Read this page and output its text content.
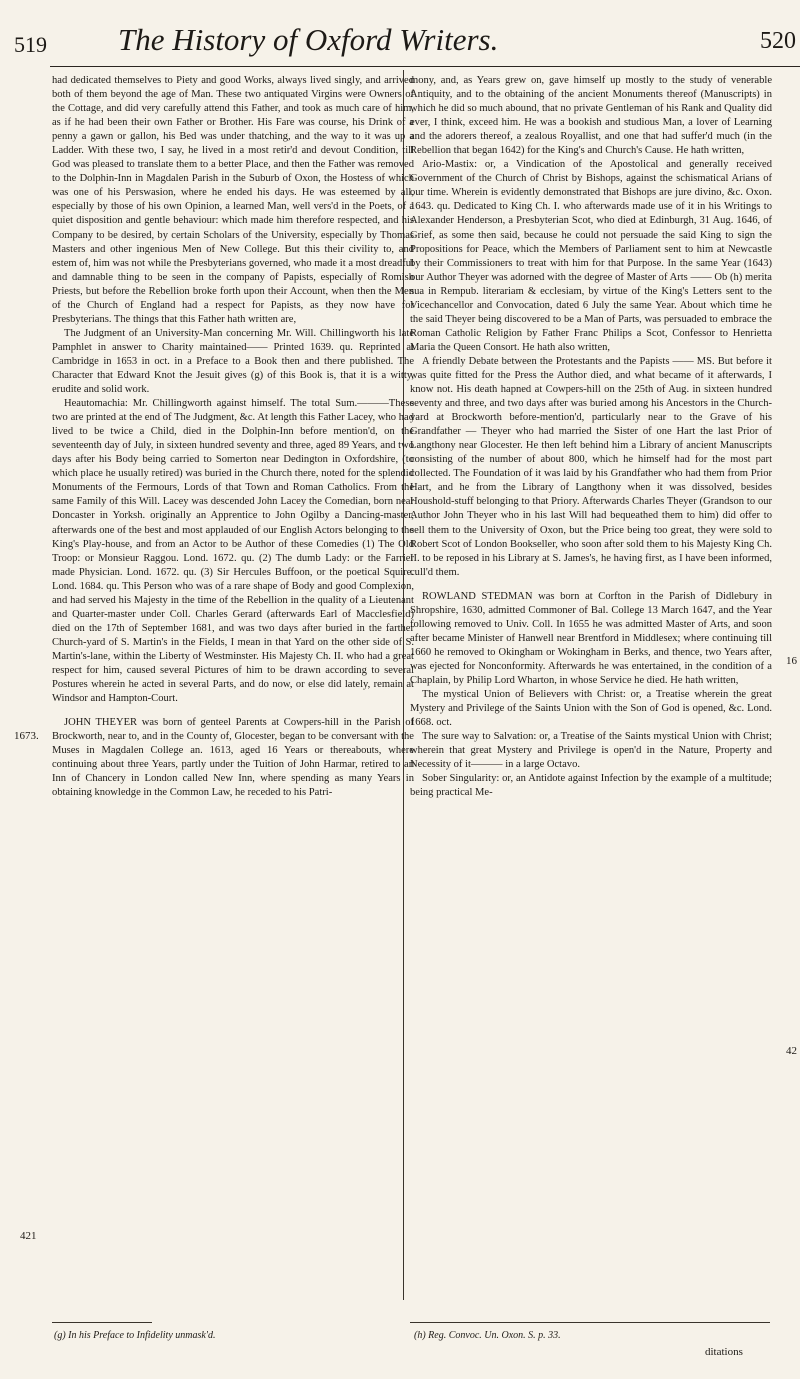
519 The History of Oxford Writers.	520

had dedicated themselves to Piety and good Works, always lived singly, and arrived both of them beyond the age of Man. These two antiquated Virgins were Owners of the Cottage, and did very carefully attend this Father, and took as much care of him, as if he had been their own Father or Brother. His Fare was course, his Drink of a penny a gawn or gallon, his Bed was under thatching, and the way to it was up a Ladder. With these two, I say, he lived in a most retir'd and devout Condition, till God was pleased to translate them to a better Place, and then the Father was removed to the Dolphin-Inn in Magdalen Parish in the Suburb of Oxon, the Hostess of which was one of his Perswasion, where he ended his days. He was esteemed by all, especially by those of his own Opinion, a learned Man, well vers'd in the Poets, of a quiet disposition and gentle behaviour: which made him therefore respected, and his Company to be desired, by certain Scholars of the University, especially by Thomas Masters and other ingenious Men of New College. But this their civility to, and estem of, him was not while the Presbyterians governed, who made it a most dreadful and damnable thing to be seen in the company of Papists, especially of Romish Priests, but before the Rebellion broke forth upon their Account, when then the Men of the Church of England had a respect for Papists, as they now have for Presbyterians. The things that this Father hath written are,

The Judgment of an University-Man concerning Mr. Will. Chillingworth his late Pamphlet in answer to Charity maintained—— Printed 1639. qu. Reprinted at Cambridge in 1653 in oct. in a Preface to a Book then and there published. The Character that Edward Knot the Jesuit gives (g) of this Book is, that it is a witty, erudite and solid work.

Heautomachia: Mr. Chillingworth against himself. The total Sum.———These two are printed at the end of The Judgment, &c. At length this Father Lacey, who had lived to be twice a Child, died in the Dolphin-Inn before mention'd, on the seventeenth day of July, in sixteen hundred seventy and three, aged 89 Years, and two days after his Body being carried to Somerton near Dedington in Oxfordshire, (to which place he usually retired) was buried in the Church there, noted for the splendid Monuments of the Fermours, Lords of that Town and Roman Catholics. From the same Family of this Will. Lacey was descended John Lacey the Comedian, born near Doncaster in Yorksh. originally an Apprentice to John Ogilby a Dancing-master, afterwards one of the best and most applauded of our English Actors belonging to the King's Play-house, and from an Actor to be Author of these Comedies (1) The Old Troop: or Monsieur Raggou. Lond. 1672. qu. (2) The dumb Lady: or the Farrier made Physician. Lond. 1672. qu. (3) Sir Hercules Buffoon, or the poetical Squire. Lond. 1684. qu. This Person who was of a rare shape of Body and good Complexion, and had served his Majesty in the time of the Rebellion in the quality of a Lieutenant and Quarter-master under Coll. Charles Gerard (afterwards Earl of Macclesfield) died on the 17th of September 1681, and was two days after buried in the farther Church-yard of S. Martin's in the Fields, I mean in that Yard on the other side of S. Martin's-lane, within the Liberty of Westminster. His Majesty Ch. II. who had a great respect for him, caused several Pictures of him to be drawn according to several Postures wherein he acted in several Parts, and do now, or else did lately, remain at Windsor and Hampton-Court.

JOHN THEYER was born of genteel Parents at Cowpers-hill in the Parish of Brockworth, near to, and in the County of, Glocester, began to be conversant with the Muses in Magdalen College an. 1613, aged 16 Years or thereabouts, where continuing about three Years, partly under the Tuition of John Harmar, retired to an Inn of Chancery in London called New Inn, where spending as many Years in obtaining knowledge in the Common Law, he receded to his Patri-

mony, and, as Years grew on, gave himself up mostly to the study of venerable Antiquity, and to the obtaining of the ancient Monuments thereof (Manuscripts) in which he did so much abound, that no private Gentleman of his Rank and Quality did ever, I think, exceed him. He was a bookish and studious Man, a lover of Learning and the adorers thereof, a zealous Royallist, and one that had suffer'd much (in the Rebellion that began 1642) for the King's and Church's Cause. He hath written,

Ario-Mastix: or, a Vindication of the Apostolical and generally received Government of the Church of Christ by Bishops, against the schismatical Arians of our time. Wherein is evidently demonstrated that Bishops are jure divino, &c. Oxon. 1643. qu. Dedicated to King Ch. I. who afterwards made use of it in his Writings to Alexander Henderson, a Presbyterian Scot, who died at Edinburgh, 31 Aug. 1646, of Grief, as some then said, because he could not persuade the said King to sign the Propositions for Peace, which the Members of Parliament sent to him at Newcastle by their Commissioners to treat with him for that Purpose. In the same Year (1643) our Author Theyer was adorned with the degree of Master of Arts —— Ob (h) merita sua in Rempub. literariam & ecclesiam, by virtue of the King's Letters sent to the Vicechancellor and Convocation, dated 6 July the same Year. About which time he the said Theyer being discovered to be a Man of Parts, was persuaded to embrace the Roman Catholic Religion by Father Franc Philips a Scot, Confessor to Henrietta Maria the Queen Consort. He hath also written,

A friendly Debate between the Protestants and the Papists —— MS. But before it was quite fitted for the Press the Author died, and what became of it afterwards, I know not. His death hapned at Cowpers-hill on the 25th of Aug. in sixteen hundred seventy and three, and two days after was buried among his Ancestors in the Church-yard at Brockworth before-mention'd, particularly near to the Grave of his Grandfather — Theyer who had married the Sister of one Hart the last Prior of Langthony near Glocester. He then left behind him a Library of ancient Manuscripts consisting of the number of about 800, which he himself had for the most part collected. The Foundation of it was laid by his Grandfather who had them from Prior Hart, and he from the Library of Langthony when it was dissolved, besides Houshold-stuff belonging to that Priory. Afterwards Charles Theyer (Grandson to our Author John Theyer who in his last Will had bequeathed them to him) did offer to sell them to the University of Oxon, but the Price being too great, they were sold to Robert Scot of London Bookseller, who soon after sold them to his Majesty King Ch. II. to be reposed in his Library at S. James's, he having first, as I have been informed, cull'd them.

ROWLAND STEDMAN was born at Corfton in the Parish of Didlebury in Shropshire, 1630, admitted Commoner of Bal. College 13 March 1647, and the Year following removed to Univ. Coll. In 1655 he was admitted Master of Arts, and soon after became Minister of Hanwell near Brentford in Middlesex; where continuing till 1660 he removed to Okingham or Wokingham in Berks, and thence, two Years after, was ejected for Nonconformity. Afterwards he was entertained, in the condition of a Chaplain, by Philip Lord Wharton, in whose Service he died. He hath written,

The mystical Union of Believers with Christ: or, a Treatise wherein the great Mystery and Privilege of the Saints Union with the Son of God is opened, &c. Lond. 1668. oct.

The sure way to Salvation: or, a Treatise of the Saints mystical Union with Christ; wherein that great Mystery and Privilege is open'd in the Nature, Property and Necessity of it——— in a large Octavo.

Sober Singularity: or, an Antidote against Infection by the example of a multitude; being practical Me-

1673.
421
42
16
(g) In his Preface to Infidelity unmask'd.	(h) Reg. Convoc. Un. Oxon. S. p. 33.
ditations
